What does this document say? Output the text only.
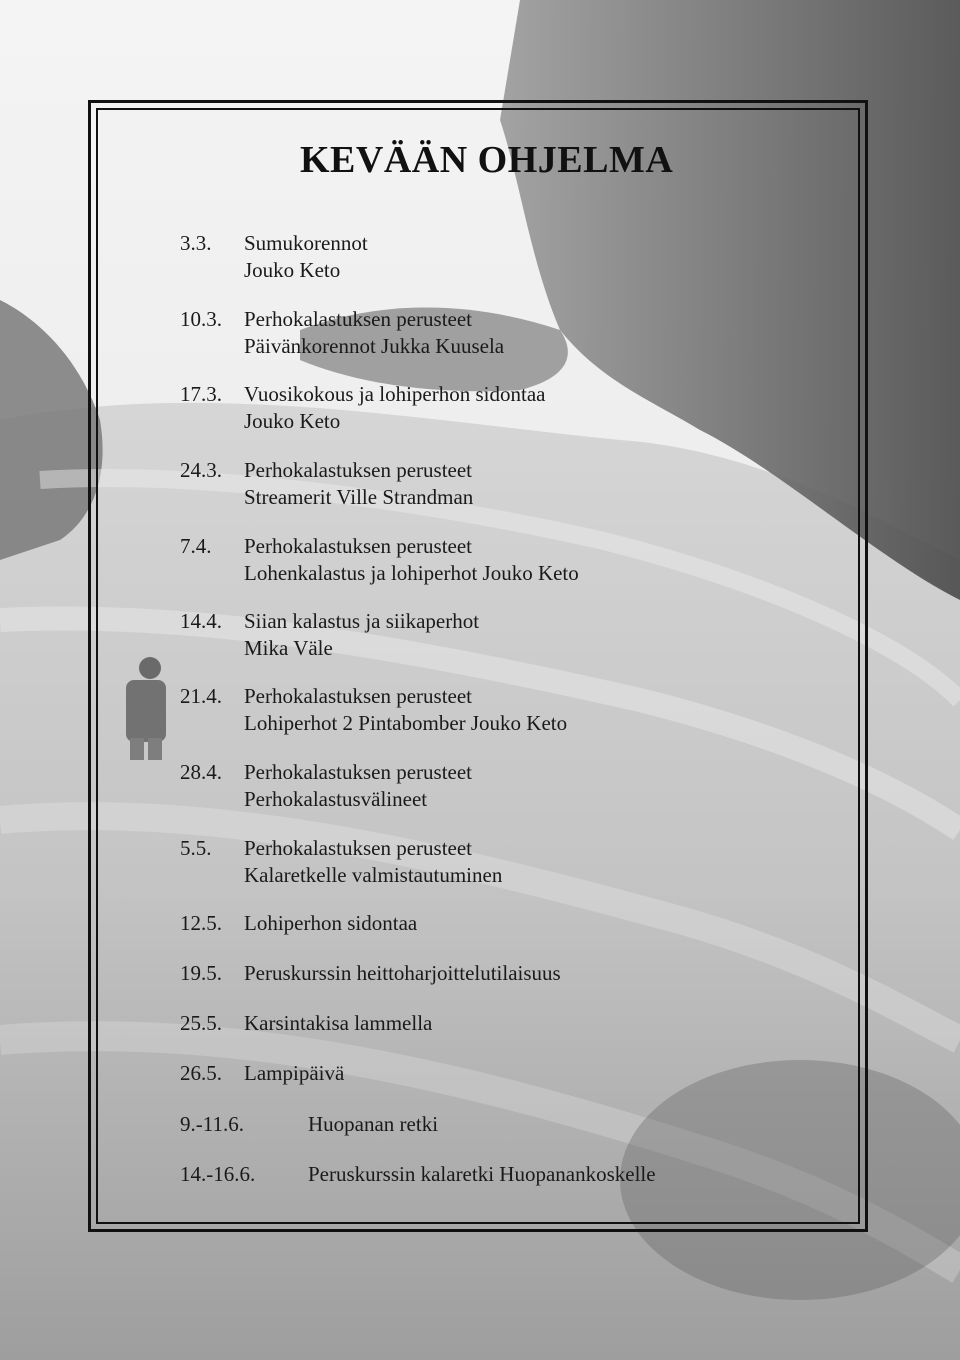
KEVÄÄN OHJELMA
3.3. Sumukorennot
Jouko Keto
10.3. Perhokalastuksen perusteet
Päivänkorennot Jukka Kuusela
17.3. Vuosikokous ja lohiperhon sidontaa
Jouko Keto
24.3. Perhokalastuksen perusteet
Streamerit Ville Strandman
7.4. Perhokalastuksen perusteet
Lohenkalastus ja lohiperhot Jouko Keto
14.4. Siian kalastus ja siikaperhot
Mika Väle
21.4. Perhokalastuksen perusteet
Lohiperhot 2 Pintabomber Jouko Keto
28.4. Perhokalastuksen perusteet
Perhokalastusvälineet
5.5. Perhokalastuksen perusteet
Kalaretkelle valmistautuminen
12.5. Lohiperhon sidontaa
19.5. Peruskurssin heittoharjoittelutilaisuus
25.5. Karsintakisa lammella
26.5. Lampipäivä
9.-11.6.	Huopanan retki
14.-16.6.	Peruskurssin kalaretki Huopanankoskelle
